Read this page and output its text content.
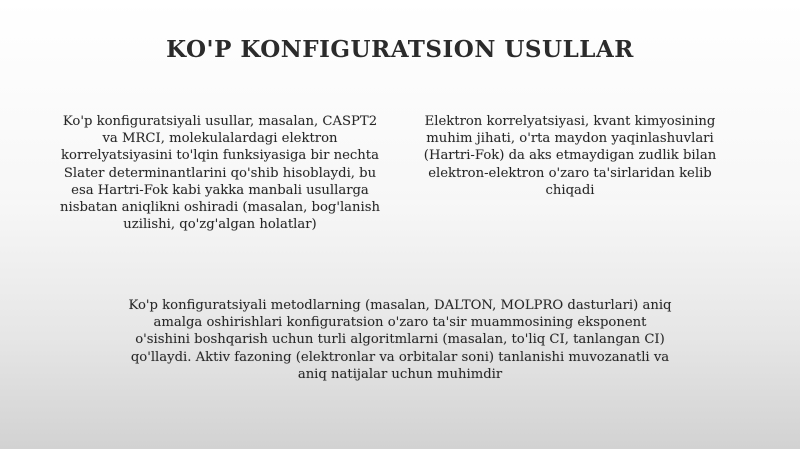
KO'P KONFIGURATSION USULLAR
Ko'p konfiguratsiyali usullar, masalan, CASPT2 va MRCI, molekulalardagi elektron korrelyatsiyasini to'lqin funksiyasiga bir nechta Slater determinantlarini qo'shib hisoblaydi, bu esa Hartri-Fok kabi yakka manbali usullarga nisbatan aniqlikni oshiradi (masalan, bog'lanish uzilishi, qo'zg'algan holatlar)
Elektron korrelyatsiyasi, kvant kimyosining muhim jihati, o'rta maydon yaqinlashuvlari (Hartri-Fok) da aks etmaydigan zudlik bilan elektron-elektron o'zaro ta'sirlaridan kelib chiqadi
Ko'p konfiguratsiyali metodlarning (masalan, DALTON, MOLPRO dasturlari) aniq amalga oshirishlari konfiguratsion o'zaro ta'sir muammosining eksponent o'sishini boshqarish uchun turli algoritmlarni (masalan, to'liq CI, tanlangan CI) qo'llaydi. Aktiv fazoning (elektronlar va orbitalar soni) tanlanishi muvozanatli va aniq natijalar uchun muhimdir
